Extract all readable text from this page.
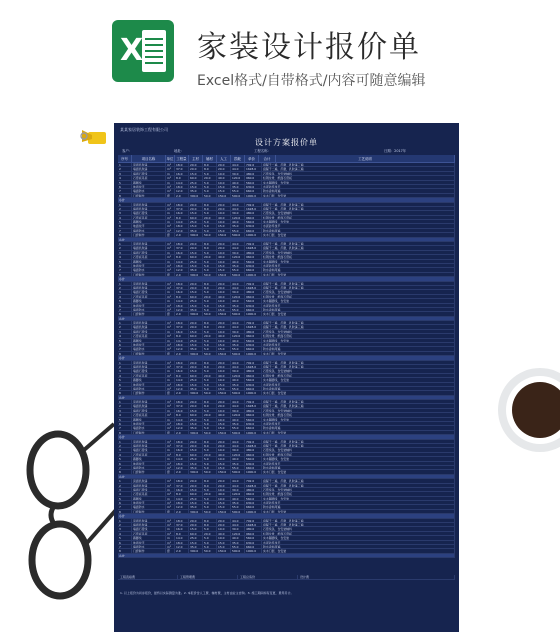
X 家装设计报价单
Excel格式/自带格式/内容可随意编辑
某某家居装饰工程有限公司
设计方案报价单
客户：	地址：	工程名称：	日期：2017年
序号	项目名称	单位 工程量	主材	辅材	人工	损耗	单价	合计	工艺说明
1	顶面乳胶漆	m²	18.0	20.0	8.0	20.0	44.0	792.0	刮腻子二遍，打磨，乳胶漆三遍
2	墙面乳胶漆	m²	37.0	20.0	8.0	20.0	44.0	1628.0	刮腻子二遍，打磨，乳胶漆三遍
3	墙面石膏线	m	16.0	15.0	5.0	10.0	30.0	480.0	石膏线条，含安装辅料
4	石膏板吊顶	m²	8.0	60.0	20.0	40.0	120.0	960.0	轻钢龙骨，纸面石膏板
5	踢脚线	m	14.0	25.0	5.0	10.0	40.0	560.0	实木踢脚线，含安装
6	地面找平	m²	18.0	15.0	5.0	15.0	35.0	630.0	水泥砂浆找平
7	墙面防水	m²	12.0	35.0	5.0	15.0	55.0	660.0	防水涂料两遍
8	门套制作	套	2.0	300.0	50.0	150.0	500.0	1000.0	实木门套，含安装
小计
1	顶面乳胶漆	m²	18.0	20.0	8.0	20.0	44.0	792.0	刮腻子二遍，打磨，乳胶漆三遍
2	墙面乳胶漆	m²	37.0	20.0	8.0	20.0	44.0	1628.0	刮腻子二遍，打磨，乳胶漆三遍
3	墙面石膏线	m	16.0	15.0	5.0	10.0	30.0	480.0	石膏线条，含安装辅料
4	石膏板吊顶	m²	8.0	60.0	20.0	40.0	120.0	960.0	轻钢龙骨，纸面石膏板
5	踢脚线	m	14.0	25.0	5.0	10.0	40.0	560.0	实木踢脚线，含安装
6	地面找平	m²	18.0	15.0	5.0	15.0	35.0	630.0	水泥砂浆找平
7	墙面防水	m²	12.0	35.0	5.0	15.0	55.0	660.0	防水涂料两遍
8	门套制作	套	2.0	300.0	50.0	150.0	500.0	1000.0	实木门套，含安装
小计
1	顶面乳胶漆	m²	18.0	20.0	8.0	20.0	44.0	792.0	刮腻子二遍，打磨，乳胶漆三遍
2	墙面乳胶漆	m²	37.0	20.0	8.0	20.0	44.0	1628.0	刮腻子二遍，打磨，乳胶漆三遍
3	墙面石膏线	m	16.0	15.0	5.0	10.0	30.0	480.0	石膏线条，含安装辅料
4	石膏板吊顶	m²	8.0	60.0	20.0	40.0	120.0	960.0	轻钢龙骨，纸面石膏板
5	踢脚线	m	14.0	25.0	5.0	10.0	40.0	560.0	实木踢脚线，含安装
6	地面找平	m²	18.0	15.0	5.0	15.0	35.0	630.0	水泥砂浆找平
7	墙面防水	m²	12.0	35.0	5.0	15.0	55.0	660.0	防水涂料两遍
8	门套制作	套	2.0	300.0	50.0	150.0	500.0	1000.0	实木门套，含安装
小计
1	顶面乳胶漆	m²	18.0	20.0	8.0	20.0	44.0	792.0	刮腻子二遍，打磨，乳胶漆三遍
2	墙面乳胶漆	m²	37.0	20.0	8.0	20.0	44.0	1628.0	刮腻子二遍，打磨，乳胶漆三遍
3	墙面石膏线	m	16.0	15.0	5.0	10.0	30.0	480.0	石膏线条，含安装辅料
4	石膏板吊顶	m²	8.0	60.0	20.0	40.0	120.0	960.0	轻钢龙骨，纸面石膏板
5	踢脚线	m	14.0	25.0	5.0	10.0	40.0	560.0	实木踢脚线，含安装
6	地面找平	m²	18.0	15.0	5.0	15.0	35.0	630.0	水泥砂浆找平
7	墙面防水	m²	12.0	35.0	5.0	15.0	55.0	660.0	防水涂料两遍
8	门套制作	套	2.0	300.0	50.0	150.0	500.0	1000.0	实木门套，含安装
小计
1	顶面乳胶漆	m²	18.0	20.0	8.0	20.0	44.0	792.0	刮腻子二遍，打磨，乳胶漆三遍
2	墙面乳胶漆	m²	37.0	20.0	8.0	20.0	44.0	1628.0	刮腻子二遍，打磨，乳胶漆三遍
3	墙面石膏线	m	16.0	15.0	5.0	10.0	30.0	480.0	石膏线条，含安装辅料
4	石膏板吊顶	m²	8.0	60.0	20.0	40.0	120.0	960.0	轻钢龙骨，纸面石膏板
5	踢脚线	m	14.0	25.0	5.0	10.0	40.0	560.0	实木踢脚线，含安装
6	地面找平	m²	18.0	15.0	5.0	15.0	35.0	630.0	水泥砂浆找平
7	墙面防水	m²	12.0	35.0	5.0	15.0	55.0	660.0	防水涂料两遍
8	门套制作	套	2.0	300.0	50.0	150.0	500.0	1000.0	实木门套，含安装
小计
1	顶面乳胶漆	m²	18.0	20.0	8.0	20.0	44.0	792.0	刮腻子二遍，打磨，乳胶漆三遍
2	墙面乳胶漆	m²	37.0	20.0	8.0	20.0	44.0	1628.0	刮腻子二遍，打磨，乳胶漆三遍
3	墙面石膏线	m	16.0	15.0	5.0	10.0	30.0	480.0	石膏线条，含安装辅料
4	石膏板吊顶	m²	8.0	60.0	20.0	40.0	120.0	960.0	轻钢龙骨，纸面石膏板
5	踢脚线	m	14.0	25.0	5.0	10.0	40.0	560.0	实木踢脚线，含安装
6	地面找平	m²	18.0	15.0	5.0	15.0	35.0	630.0	水泥砂浆找平
7	墙面防水	m²	12.0	35.0	5.0	15.0	55.0	660.0	防水涂料两遍
8	门套制作	套	2.0	300.0	50.0	150.0	500.0	1000.0	实木门套，含安装
小计
1	顶面乳胶漆	m²	18.0	20.0	8.0	20.0	44.0	792.0	刮腻子二遍，打磨，乳胶漆三遍
2	墙面乳胶漆	m²	37.0	20.0	8.0	20.0	44.0	1628.0	刮腻子二遍，打磨，乳胶漆三遍
3	墙面石膏线	m	16.0	15.0	5.0	10.0	30.0	480.0	石膏线条，含安装辅料
4	石膏板吊顶	m²	8.0	60.0	20.0	40.0	120.0	960.0	轻钢龙骨，纸面石膏板
5	踢脚线	m	14.0	25.0	5.0	10.0	40.0	560.0	实木踢脚线，含安装
6	地面找平	m²	18.0	15.0	5.0	15.0	35.0	630.0	水泥砂浆找平
7	墙面防水	m²	12.0	35.0	5.0	15.0	55.0	660.0	防水涂料两遍
8	门套制作	套	2.0	300.0	50.0	150.0	500.0	1000.0	实木门套，含安装
小计
1	顶面乳胶漆	m²	18.0	20.0	8.0	20.0	44.0	792.0	刮腻子二遍，打磨，乳胶漆三遍
2	墙面乳胶漆	m²	37.0	20.0	8.0	20.0	44.0	1628.0	刮腻子二遍，打磨，乳胶漆三遍
3	墙面石膏线	m	16.0	15.0	5.0	10.0	30.0	480.0	石膏线条，含安装辅料
4	石膏板吊顶	m²	8.0	60.0	20.0	40.0	120.0	960.0	轻钢龙骨，纸面石膏板
5	踢脚线	m	14.0	25.0	5.0	10.0	40.0	560.0	实木踢脚线，含安装
6	地面找平	m²	18.0	15.0	5.0	15.0	35.0	630.0	水泥砂浆找平
7	墙面防水	m²	12.0	35.0	5.0	15.0	55.0	660.0	防水涂料两遍
8	门套制作	套	2.0	300.0	50.0	150.0	500.0	1000.0	实木门套，含安装
小计
1	顶面乳胶漆	m²	18.0	20.0	8.0	20.0	44.0	792.0	刮腻子二遍，打磨，乳胶漆三遍
2	墙面乳胶漆	m²	37.0	20.0	8.0	20.0	44.0	1628.0	刮腻子二遍，打磨，乳胶漆三遍
3	墙面石膏线	m	16.0	15.0	5.0	10.0	30.0	480.0	石膏线条，含安装辅料
4	石膏板吊顶	m²	8.0	60.0	20.0	40.0	120.0	960.0	轻钢龙骨，纸面石膏板
5	踢脚线	m	14.0	25.0	5.0	10.0	40.0	560.0	实木踢脚线，含安装
6	地面找平	m²	18.0	15.0	5.0	15.0	35.0	630.0	水泥砂浆找平
7	墙面防水	m²	12.0	35.0	5.0	15.0	55.0	660.0	防水涂料两遍
8	门套制作	套	2.0	300.0	50.0	150.0	500.0	1000.0	实木门套，含安装
小计
1	顶面乳胶漆	m²	18.0	20.0	8.0	20.0	44.0	792.0	刮腻子二遍，打磨，乳胶漆三遍
2	墙面乳胶漆	m²	37.0	20.0	8.0	20.0	44.0	1628.0	刮腻子二遍，打磨，乳胶漆三遍
3	墙面石膏线	m	16.0	15.0	5.0	10.0	30.0	480.0	石膏线条，含安装辅料
4	石膏板吊顶	m²	8.0	60.0	20.0	40.0	120.0	960.0	轻钢龙骨，纸面石膏板
5	踢脚线	m	14.0	25.0	5.0	10.0	40.0	560.0	实木踢脚线，含安装
6	地面找平	m²	18.0	15.0	5.0	15.0	35.0	630.0	水泥砂浆找平
7	墙面防水	m²	12.0	35.0	5.0	15.0	55.0	660.0	防水涂料两遍
8	门套制作	套	2.0	300.0	50.0	150.0	500.0	1000.0	实木门套，含安装
小计
工程直接费	工程管理费	工程总造价	设计费
1. 以上报价为初步报价，最终以实际测量为准。2. 本报价含人工费、辅材费，主材由业主自购。3. 施工期间如有变更，费用另计。
